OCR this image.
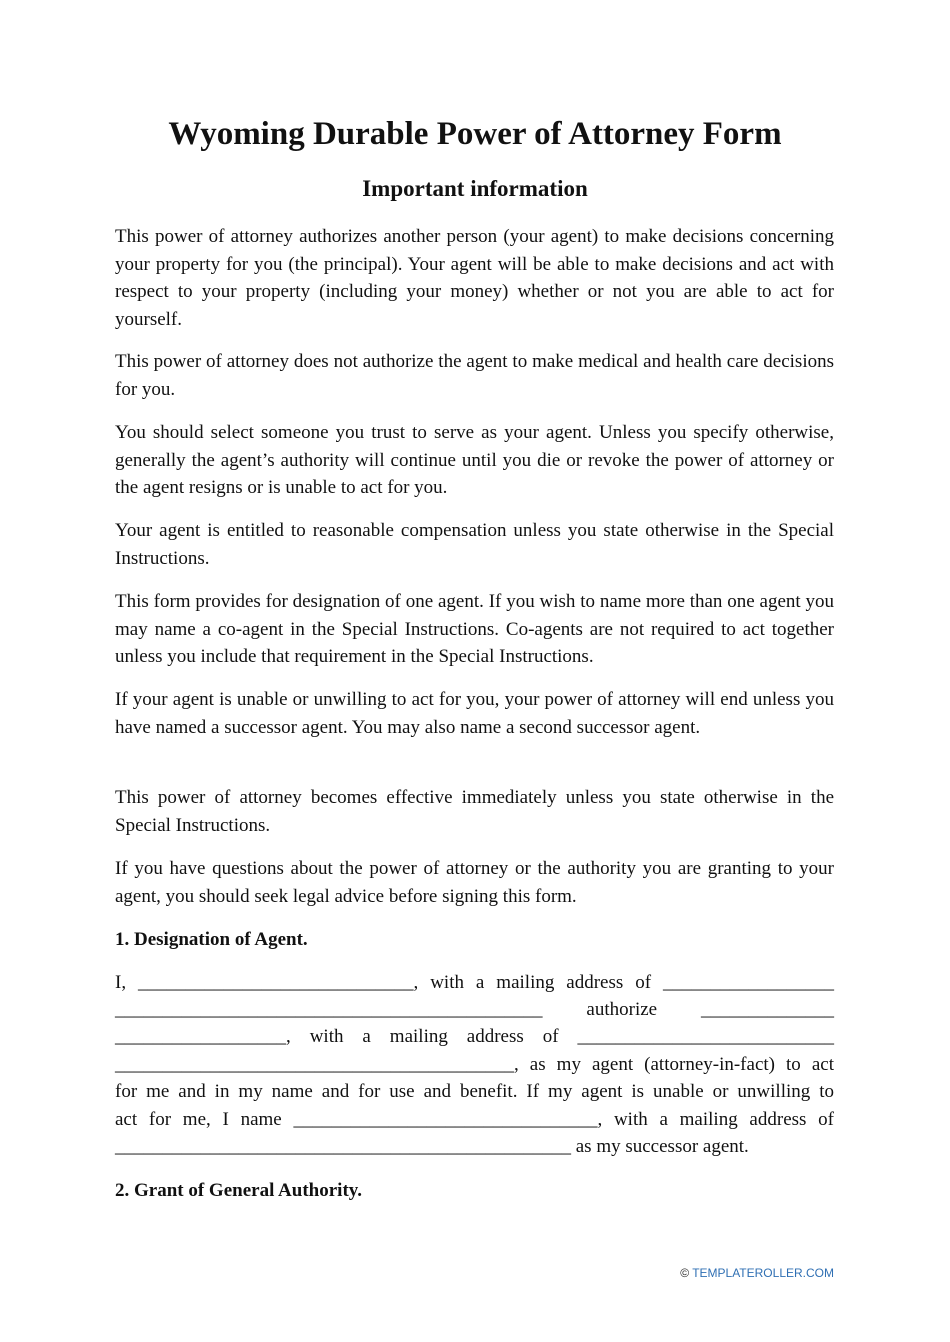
Wyoming Durable Power of Attorney Form
Important information

This power of attorney authorizes another person (your agent) to make decisions concerning your property for you (the principal). Your agent will be able to make decisions and act with respect to your property (including your money) whether or not you are able to act for yourself.

This power of attorney does not authorize the agent to make medical and health care decisions for you.

You should select someone you trust to serve as your agent. Unless you specify otherwise, generally the agent’s authority will continue until you die or revoke the power of attorney or the agent resigns or is unable to act for you.

Your agent is entitled to reasonable compensation unless you state otherwise in the Special Instructions.

This form provides for designation of one agent. If you wish to name more than one agent you may name a co-agent in the Special Instructions. Co-agents are not required to act together unless you include that requirement in the Special Instructions.

If your agent is unable or unwilling to act for you, your power of attorney will end unless you have named a successor agent. You may also name a second successor agent.

This power of attorney becomes effective immediately unless you state otherwise in the Special Instructions.

If you have questions about the power of attorney or the authority you are granting to your agent, you should seek legal advice before signing this form.

1. Designation of Agent.

I, _____________________________, with a mailing address of __________________

_____________________________________________ authorize ______________

__________________, with a mailing address of ___________________________

__________________________________________, as my agent (attorney-in-fact) to act

for me and in my name and for use and benefit. If my agent is unable or unwilling to

act for me, I name ________________________________, with a mailing address of

________________________________________________ as my successor agent.

2. Grant of General Authority.

© TEMPLATEROLLER.COM
